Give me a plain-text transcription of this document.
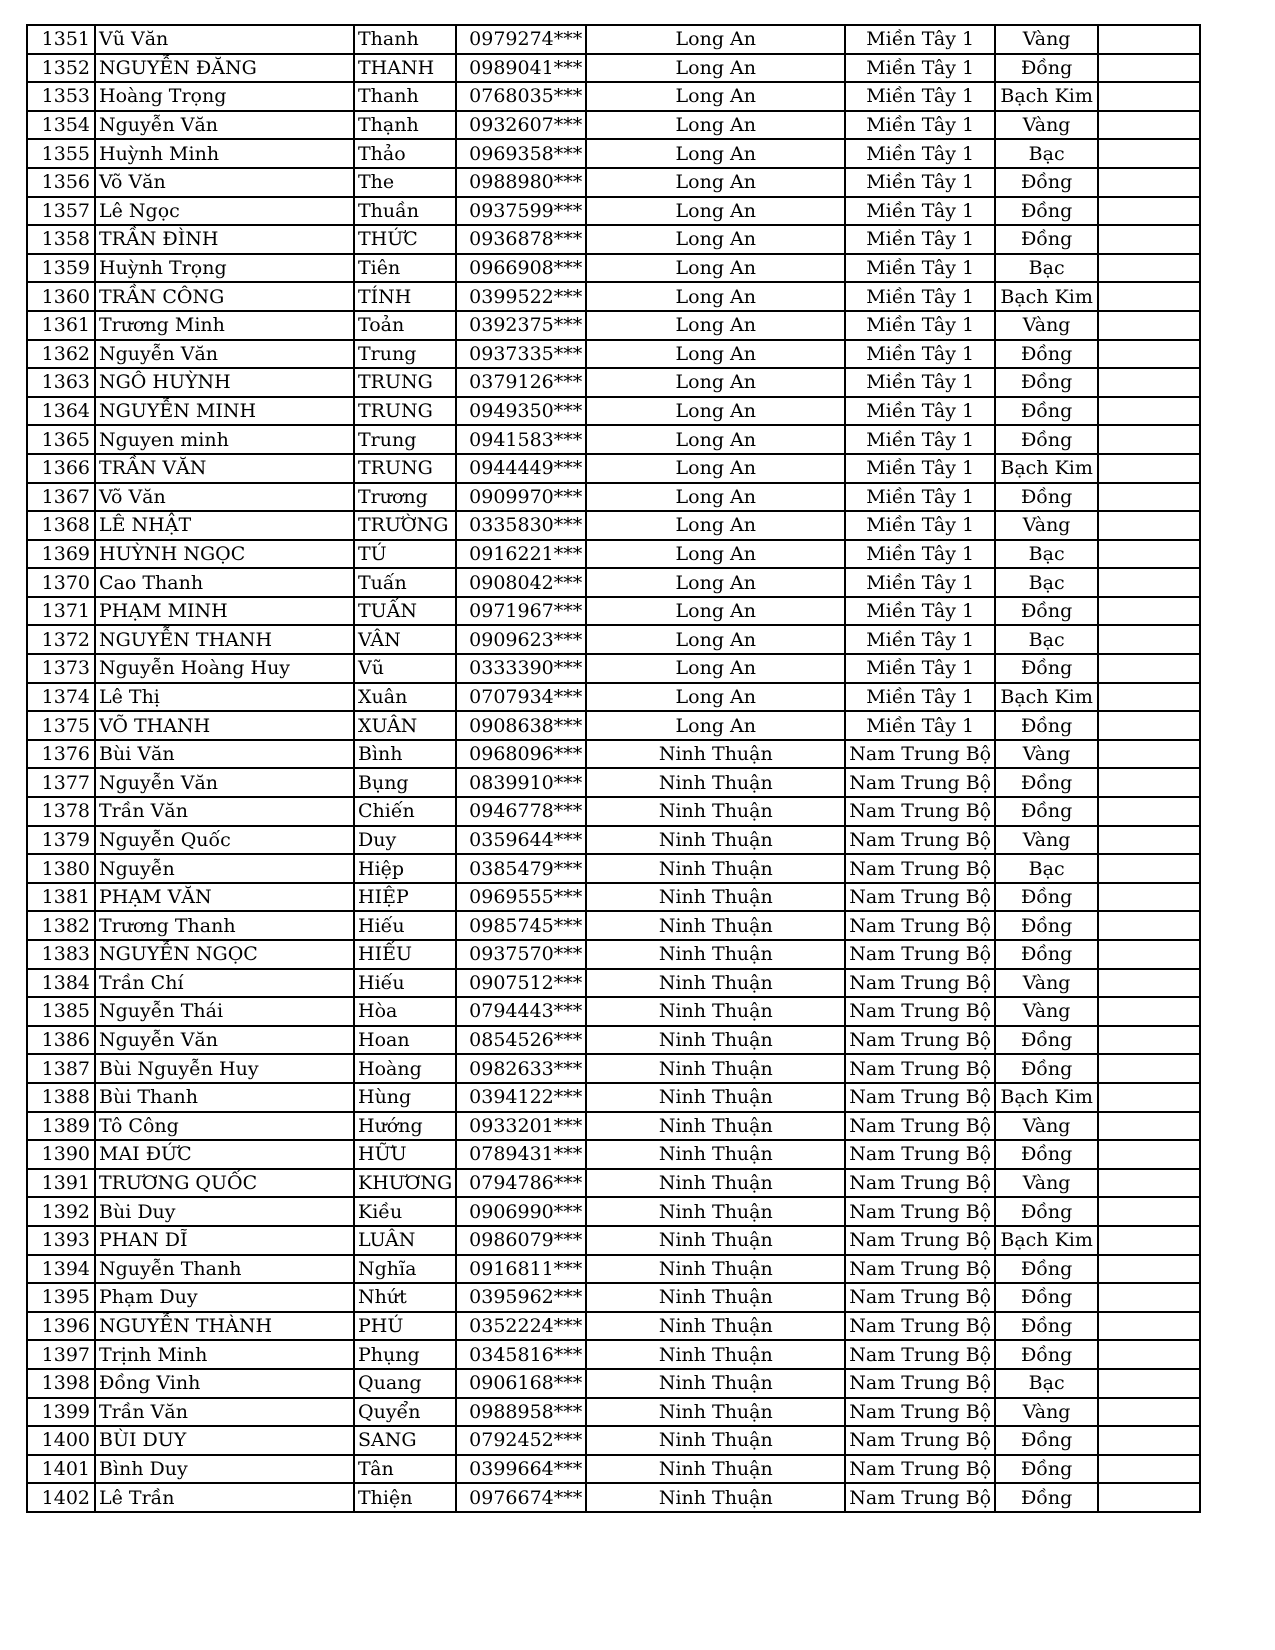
1351	Vũ Văn	Thanh	0979274***	Long An	Miền Tây 1	Vàng	
1352	NGUYỄN ĐĂNG	THANH	0989041***	Long An	Miền Tây 1	Đồng	
1353	Hoàng Trọng	Thanh	0768035***	Long An	Miền Tây 1	Bạch Kim	
1354	Nguyễn Văn	Thạnh	0932607***	Long An	Miền Tây 1	Vàng	
1355	Huỳnh Minh	Thảo	0969358***	Long An	Miền Tây 1	Bạc	
1356	Võ Văn	The	0988980***	Long An	Miền Tây 1	Đồng	
1357	Lê Ngọc	Thuần	0937599***	Long An	Miền Tây 1	Đồng	
1358	TRẦN ĐÌNH	THỨC	0936878***	Long An	Miền Tây 1	Đồng	
1359	Huỳnh Trọng	Tiên	0966908***	Long An	Miền Tây 1	Bạc	
1360	TRẦN CÔNG	TÍNH	0399522***	Long An	Miền Tây 1	Bạch Kim	
1361	Trương Minh	Toản	0392375***	Long An	Miền Tây 1	Vàng	
1362	Nguyễn Văn	Trung	0937335***	Long An	Miền Tây 1	Đồng	
1363	NGÔ HUỲNH	TRUNG	0379126***	Long An	Miền Tây 1	Đồng	
1364	NGUYỄN MINH	TRUNG	0949350***	Long An	Miền Tây 1	Đồng	
1365	Nguyen minh	Trung	0941583***	Long An	Miền Tây 1	Đồng	
1366	TRẦN VĂN	TRUNG	0944449***	Long An	Miền Tây 1	Bạch Kim	
1367	Võ Văn	Trương	0909970***	Long An	Miền Tây 1	Đồng	
1368	LÊ NHẬT	TRƯỜNG	0335830***	Long An	Miền Tây 1	Vàng	
1369	HUỲNH NGỌC	TÚ	0916221***	Long An	Miền Tây 1	Bạc	
1370	Cao Thanh	Tuấn	0908042***	Long An	Miền Tây 1	Bạc	
1371	PHẠM MINH	TUẤN	0971967***	Long An	Miền Tây 1	Đồng	
1372	NGUYỄN THANH	VÂN	0909623***	Long An	Miền Tây 1	Bạc	
1373	Nguyễn Hoàng Huy	Vũ	0333390***	Long An	Miền Tây 1	Đồng	
1374	Lê Thị	Xuân	0707934***	Long An	Miền Tây 1	Bạch Kim	
1375	VÕ THANH	XUÂN	0908638***	Long An	Miền Tây 1	Đồng	
1376	Bùi Văn	Bình	0968096***	Ninh Thuận	Nam Trung Bộ	Vàng	
1377	Nguyễn Văn	Bụng	0839910***	Ninh Thuận	Nam Trung Bộ	Đồng	
1378	Trần Văn	Chiến	0946778***	Ninh Thuận	Nam Trung Bộ	Đồng	
1379	Nguyễn Quốc	Duy	0359644***	Ninh Thuận	Nam Trung Bộ	Vàng	
1380	Nguyễn	Hiệp	0385479***	Ninh Thuận	Nam Trung Bộ	Bạc	
1381	PHẠM VĂN	HIỆP	0969555***	Ninh Thuận	Nam Trung Bộ	Đồng	
1382	Trương Thanh	Hiếu	0985745***	Ninh Thuận	Nam Trung Bộ	Đồng	
1383	NGUYỄN NGỌC	HIẾU	0937570***	Ninh Thuận	Nam Trung Bộ	Đồng	
1384	Trần Chí	Hiếu	0907512***	Ninh Thuận	Nam Trung Bộ	Vàng	
1385	Nguyễn Thái	Hòa	0794443***	Ninh Thuận	Nam Trung Bộ	Vàng	
1386	Nguyễn Văn	Hoan	0854526***	Ninh Thuận	Nam Trung Bộ	Đồng	
1387	Bùi Nguyễn Huy	Hoàng	0982633***	Ninh Thuận	Nam Trung Bộ	Đồng	
1388	Bùi Thanh	Hùng	0394122***	Ninh Thuận	Nam Trung Bộ	Bạch Kim	
1389	Tô Công	Hướng	0933201***	Ninh Thuận	Nam Trung Bộ	Vàng	
1390	MAI ĐỨC	HỮU	0789431***	Ninh Thuận	Nam Trung Bộ	Đồng	
1391	TRƯƠNG QUỐC	KHƯƠNG	0794786***	Ninh Thuận	Nam Trung Bộ	Vàng	
1392	Bùi Duy	Kiều	0906990***	Ninh Thuận	Nam Trung Bộ	Đồng	
1393	PHAN DĨ	LUÂN	0986079***	Ninh Thuận	Nam Trung Bộ	Bạch Kim	
1394	Nguyễn Thanh	Nghĩa	0916811***	Ninh Thuận	Nam Trung Bộ	Đồng	
1395	Phạm Duy	Nhứt	0395962***	Ninh Thuận	Nam Trung Bộ	Đồng	
1396	NGUYỄN THÀNH	PHÚ	0352224***	Ninh Thuận	Nam Trung Bộ	Đồng	
1397	Trịnh Minh	Phụng	0345816***	Ninh Thuận	Nam Trung Bộ	Đồng	
1398	Đồng Vinh	Quang	0906168***	Ninh Thuận	Nam Trung Bộ	Bạc	
1399	Trần Văn	Quyển	0988958***	Ninh Thuận	Nam Trung Bộ	Vàng	
1400	BÙI DUY	SANG	0792452***	Ninh Thuận	Nam Trung Bộ	Đồng	
1401	Bình Duy	Tân	0399664***	Ninh Thuận	Nam Trung Bộ	Đồng	
1402	Lê Trần	Thiện	0976674***	Ninh Thuận	Nam Trung Bộ	Đồng	
